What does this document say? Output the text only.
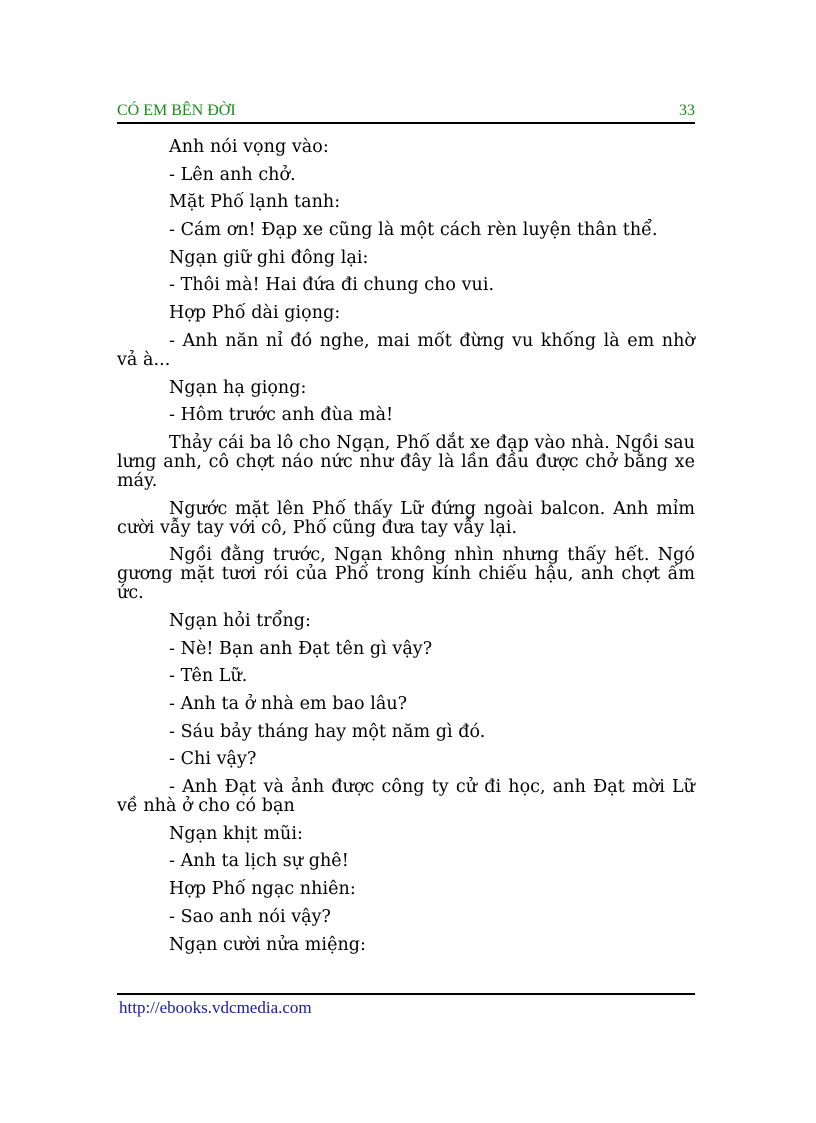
CÓ EM BÊN ĐỜI	33

Anh nói vọng vào:

- Lên anh chở.

Mặt Phố lạnh tanh:

- Cám ơn! Đạp xe cũng là một cách rèn luyện thân thể.

Ngạn giữ ghi đông lại:

- Thôi mà! Hai đứa đi chung cho vui.

Hợp Phố dài giọng:

- Anh năn nỉ đó nghe, mai mốt đừng vu khống là em nhờ vả à...

Ngạn hạ giọng:

- Hôm trước anh đùa mà!

Thảy cái ba lô cho Ngạn, Phố dắt xe đạp vào nhà. Ngồi sau lưng anh, cô chợt náo nức như đây là lần đầu được chở bằng xe máy.

Ngước mặt lên Phố thấy Lữ đứng ngoài balcon. Anh mỉm cười vẫy tay với cô, Phố cũng đưa tay vẫy lại.

Ngồi đằng trước, Ngạn không nhìn nhưng thấy hết. Ngó gương mặt tươi rói của Phố trong kính chiếu hậu, anh chợt ấm ức.

Ngạn hỏi trổng:

- Nè! Bạn anh Đạt tên gì vậy?

- Tên Lữ.

- Anh ta ở nhà em bao lâu?

- Sáu bảy tháng hay một năm gì đó.

- Chi vậy?

- Anh Đạt và ảnh được công ty cử đi học, anh Đạt mời Lữ về nhà ở cho có bạn

Ngạn khịt mũi:

- Anh ta lịch sự ghê!

Hợp Phố ngạc nhiên:

- Sao anh nói vậy?

Ngạn cười nửa miệng:

http://ebooks.vdcmedia.com
